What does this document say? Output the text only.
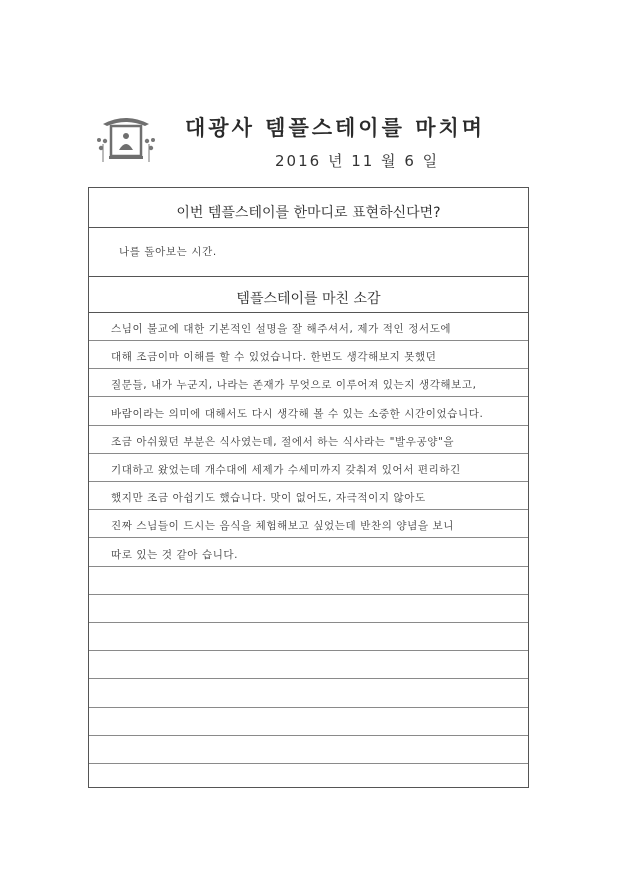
대광사 템플스테이를 마치며
2016 년 11 월 6 일
이번 템플스테이를 한마디로 표현하신다면?
나를 돌아보는 시간.
템플스테이를 마친 소감
스님이 불교에 대한 기본적인 설명을 잘 해주셔서, 제가 적인 정서도에
대해 조금이마 이해를 할 수 있었습니다. 한번도 생각해보지 못했던
질문들, 내가 누군지, 나라는 존재가 무엇으로 이루어져 있는지 생각해보고,
바람이라는 의미에 대해서도 다시 생각해 볼 수 있는 소중한 시간이었습니다.
조금 아쉬웠던 부분은 식사였는데, 절에서 하는 식사라는 "발우공양"을
기대하고 왔었는데 개수대에 세제가 수세미까지 갖춰져 있어서 편리하긴
했지만 조금 아쉽기도 했습니다. 맛이 없어도, 자극적이지 않아도
진짜 스님들이 드시는 음식을 체험해보고 싶었는데 반찬의 양념을 보니
따로 있는 것 같아 습니다.
